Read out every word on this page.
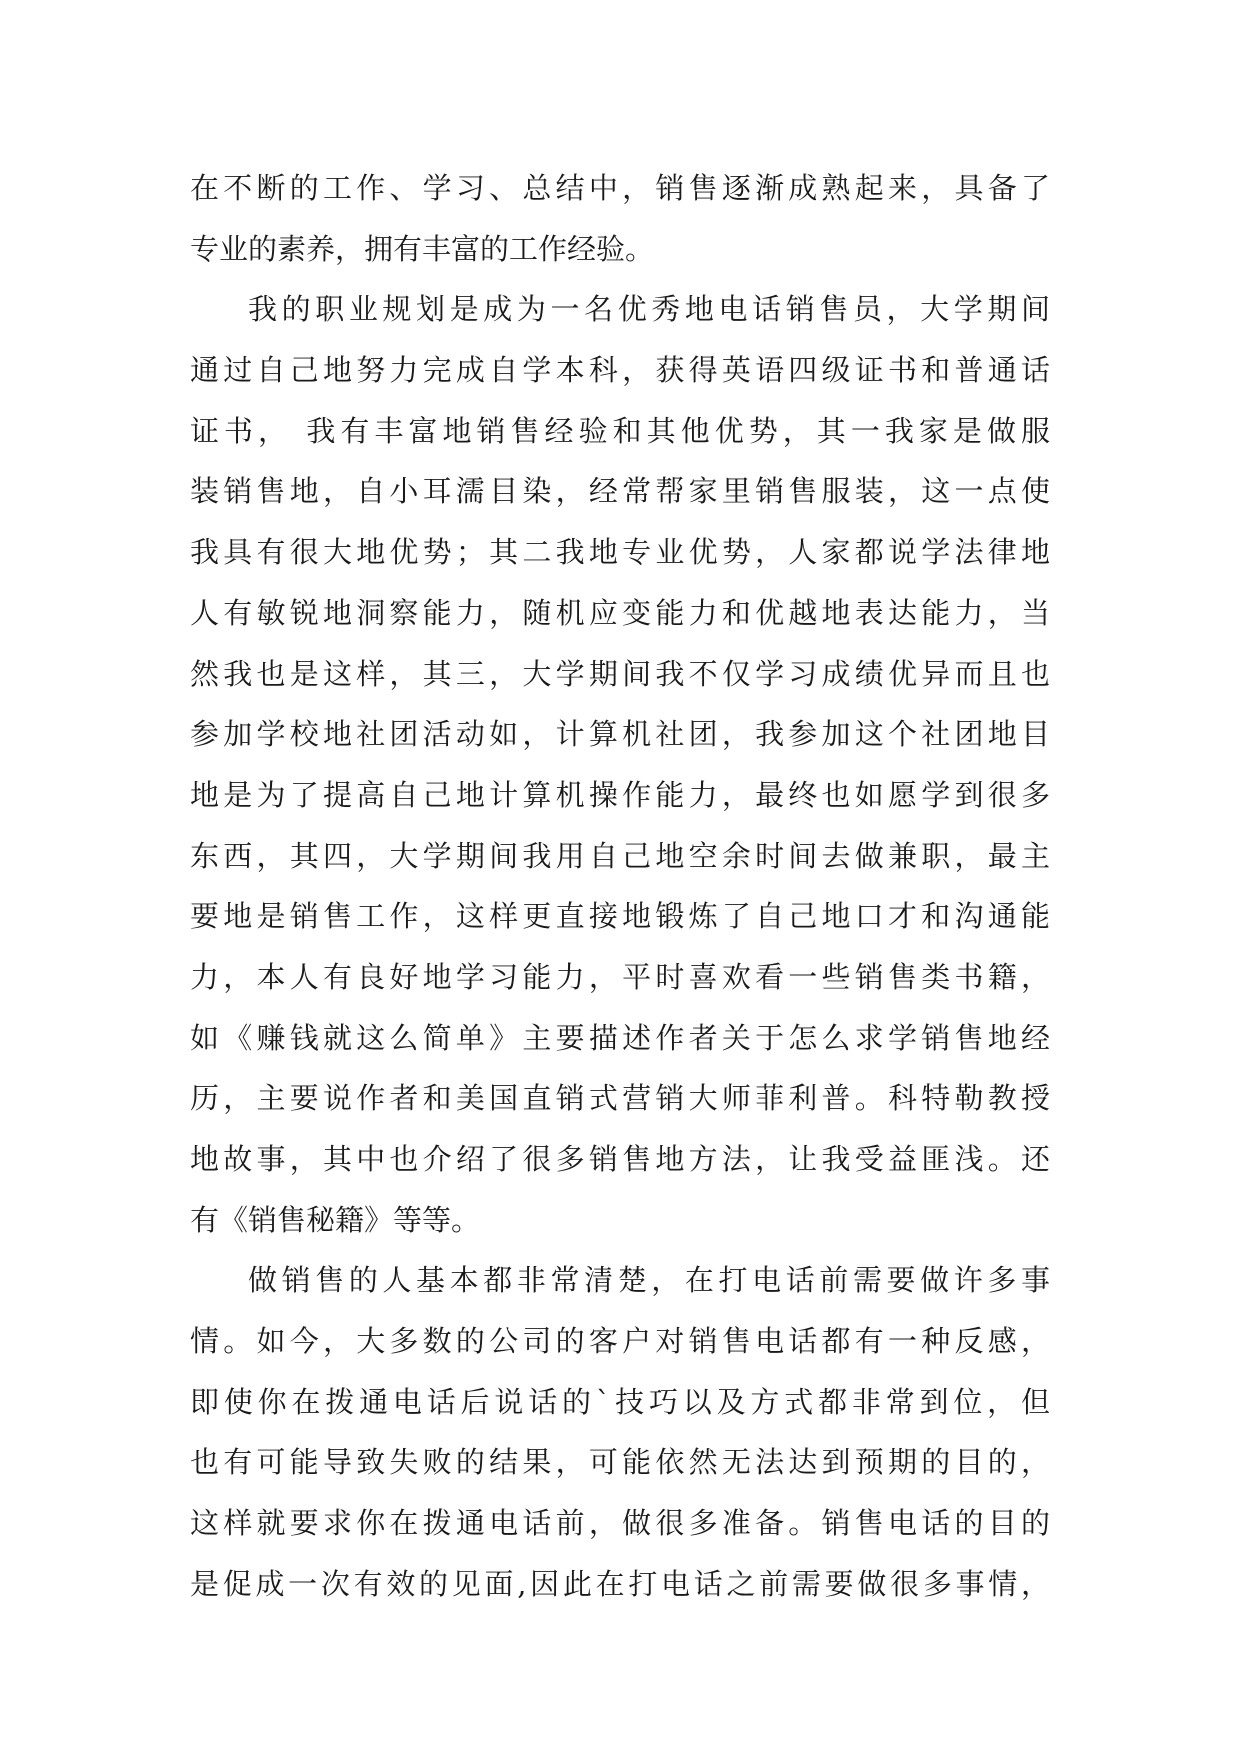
在不断的工作、学习、总结中，销售逐渐成熟起来，具备了
专业的素养，拥有丰富的工作经验。
我的职业规划是成为一名优秀地电话销售员，大学期间
通过自己地努力完成自学本科，获得英语四级证书和普通话
证书， 我有丰富地销售经验和其他优势，其一我家是做服
装销售地，自小耳濡目染，经常帮家里销售服装，这一点使
我具有很大地优势；其二我地专业优势，人家都说学法律地
人有敏锐地洞察能力，随机应变能力和优越地表达能力，当
然我也是这样，其三，大学期间我不仅学习成绩优异而且也
参加学校地社团活动如，计算机社团，我参加这个社团地目
地是为了提高自己地计算机操作能力，最终也如愿学到很多
东西，其四，大学期间我用自己地空余时间去做兼职，最主
要地是销售工作，这样更直接地锻炼了自己地口才和沟通能
力，本人有良好地学习能力，平时喜欢看一些销售类书籍，
如《赚钱就这么简单》主要描述作者关于怎么求学销售地经
历，主要说作者和美国直销式营销大师菲利普。科特勒教授
地故事，其中也介绍了很多销售地方法，让我受益匪浅。还
有《销售秘籍》等等。
做销售的人基本都非常清楚，在打电话前需要做许多事
情。如今，大多数的公司的客户对销售电话都有一种反感，
即使你在拨通电话后说话的`技巧以及方式都非常到位，但
也有可能导致失败的结果，可能依然无法达到预期的目的，
这样就要求你在拨通电话前，做很多准备。销售电话的目的
是促成一次有效的见面,因此在打电话之前需要做很多事情，
